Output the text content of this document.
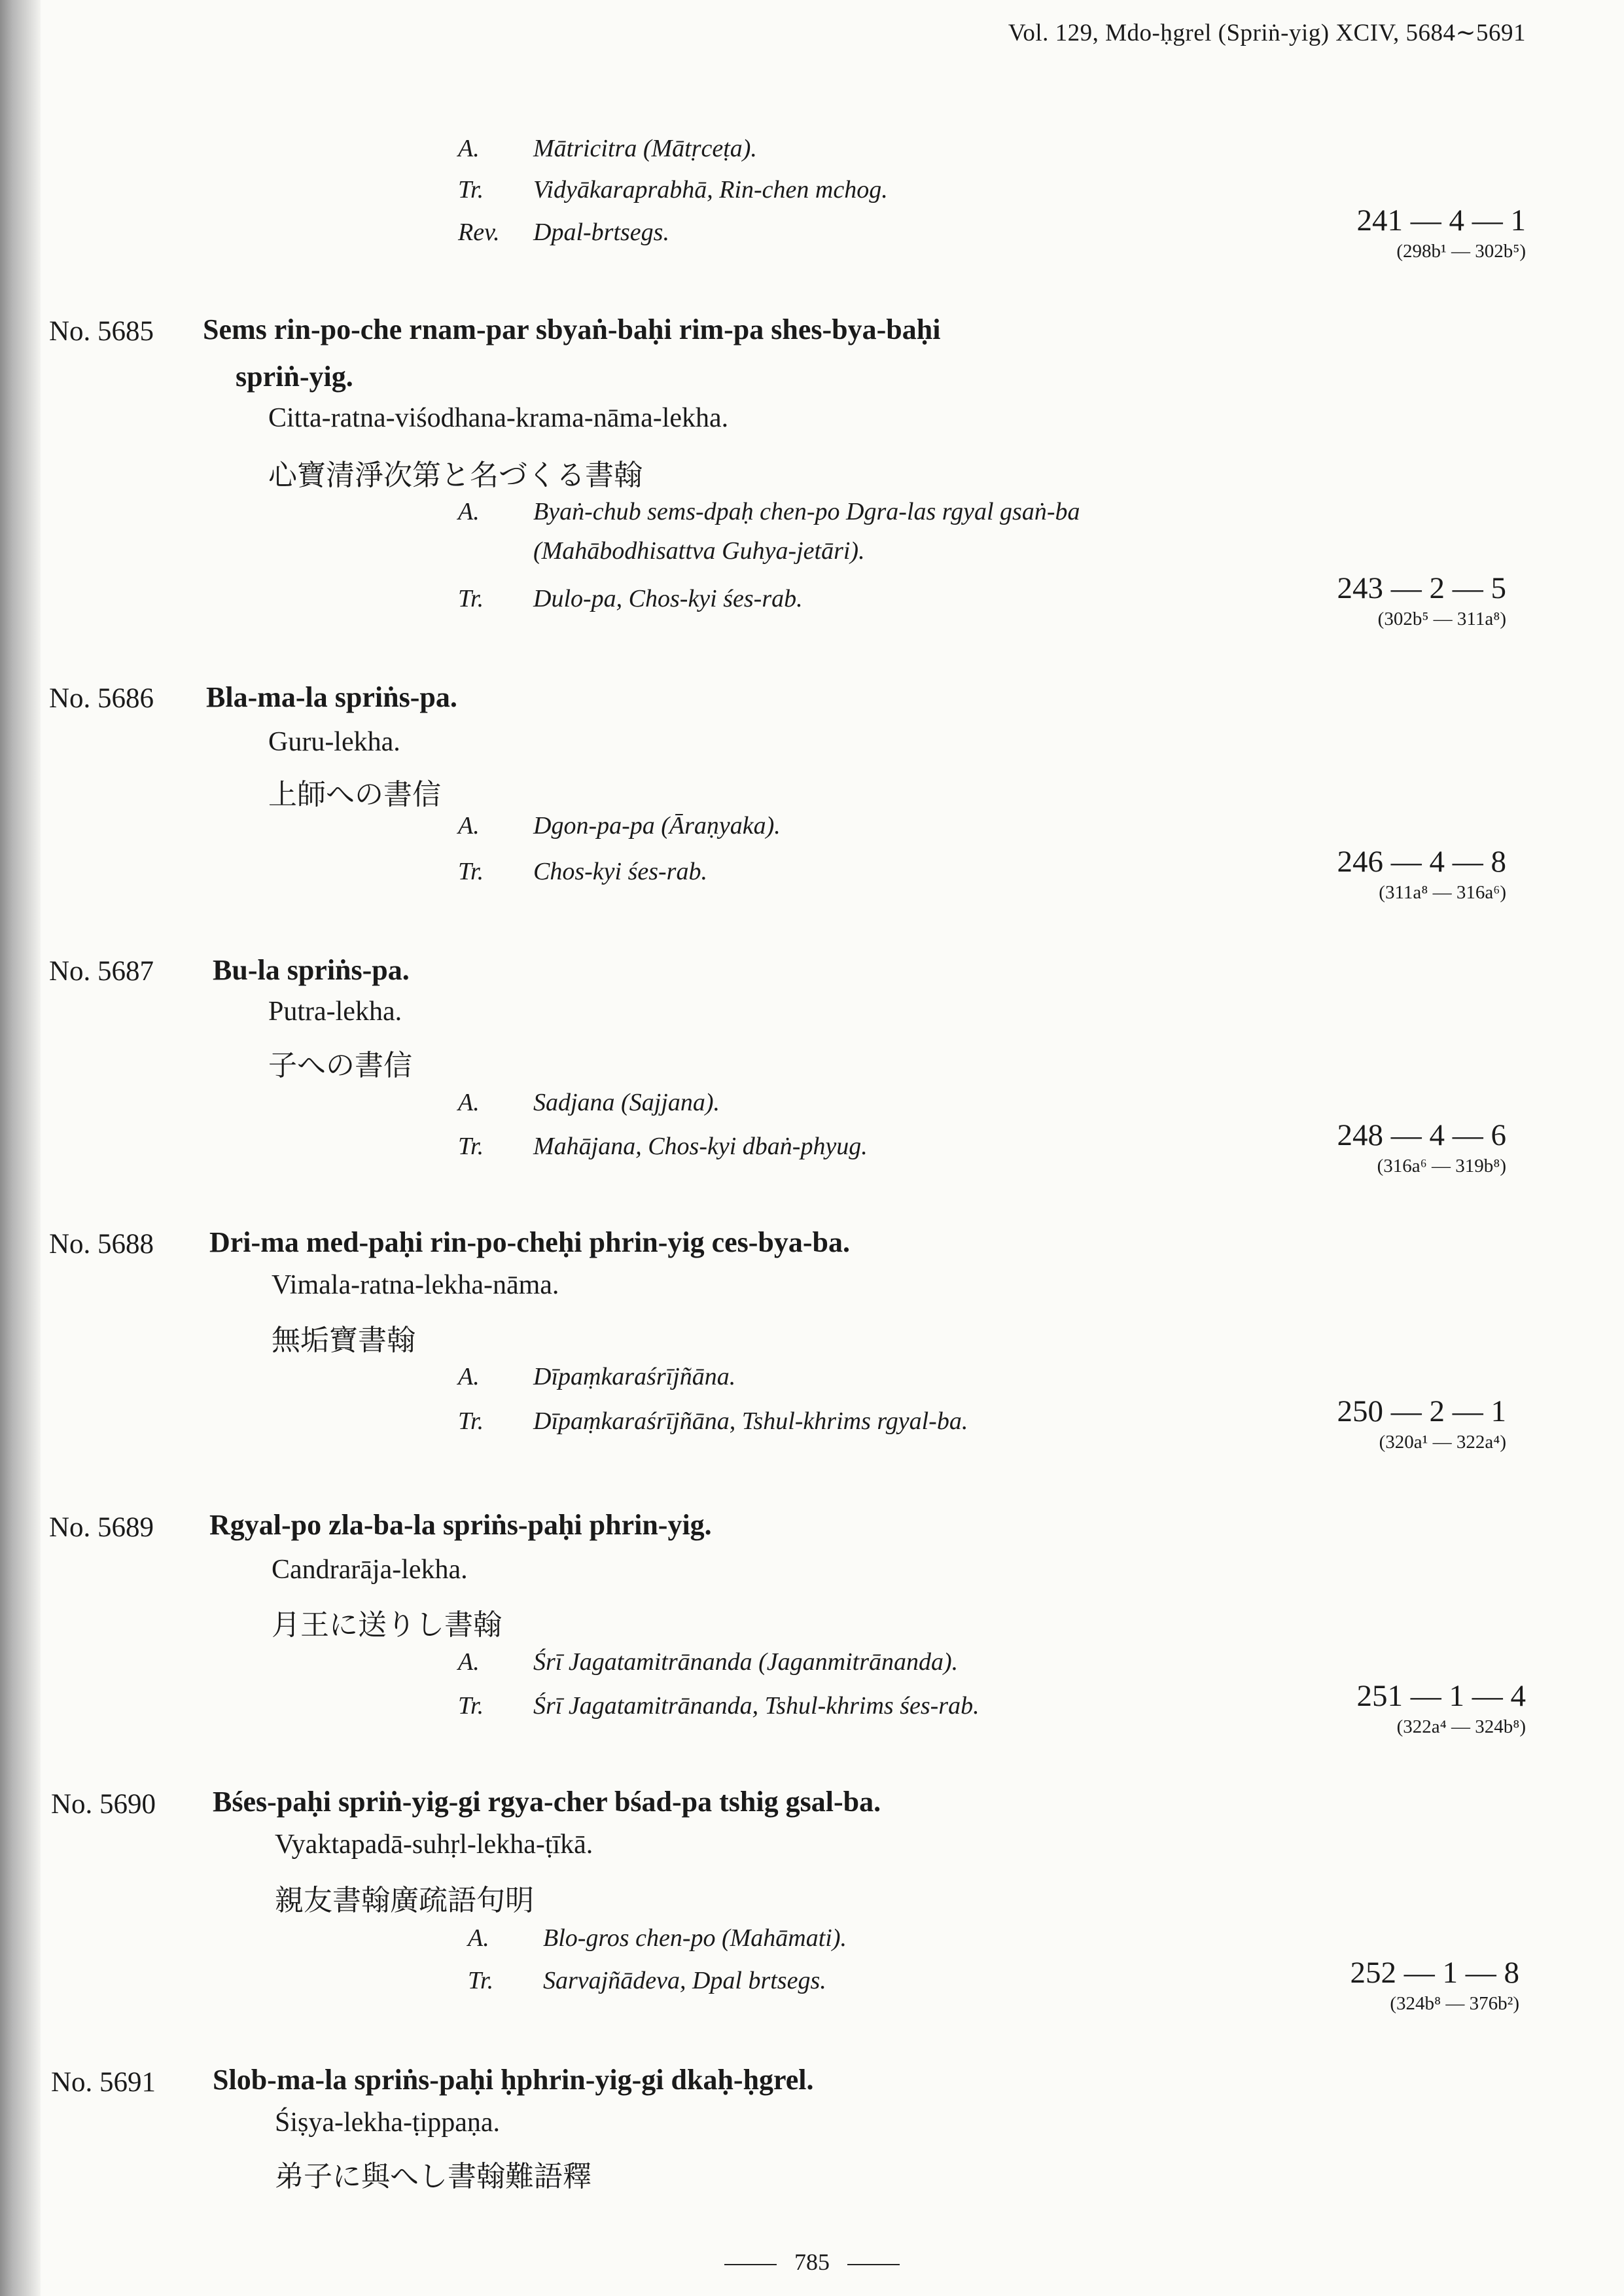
Vol. 129, Mdo-ḥgrel (Spriṅ-yig) XCIV, 5684∼5691
A. Mātricitra (Mātṛceṭa).
Tr. Vidyākaraprabhā, Rin-chen mchog.
Rev. Dpal-brtsegs.	241 — 4 — 1
(298b¹ — 302b⁵)
No. 5685 Sems rin-po-che rnam-par sbyaṅ-baḥi rim-pa shes-bya-baḥi
spriṅ-yig.
Citta-ratna-viśodhana-krama-nāma-lekha.
心寶清淨次第と名づくる書翰
A. Byaṅ-chub sems-dpaḥ chen-po Dgra-las rgyal gsaṅ-ba
(Mahābodhisattva Guhya-jetāri).
Tr. Dulo-pa, Chos-kyi śes-rab.	243 — 2 — 5
(302b⁵ — 311a⁸)
No. 5686 Bla-ma-la spriṅs-pa.
Guru-lekha.
上師への書信
A. Dgon-pa-pa (Āraṇyaka).
Tr. Chos-kyi śes-rab.	246 — 4 — 8
(311a⁸ — 316a⁶)
No. 5687 Bu-la spriṅs-pa.
Putra-lekha.
子への書信
A. Sadjana (Sajjana).
Tr. Mahājana, Chos-kyi dbaṅ-phyug.	248 — 4 — 6
(316a⁶ — 319b⁸)
No. 5688 Dri-ma med-paḥi rin-po-cheḥi phrin-yig ces-bya-ba.
Vimala-ratna-lekha-nāma.
無垢寶書翰
A. Dīpaṃkaraśrījñāna.
Tr. Dīpaṃkaraśrījñāna, Tshul-khrims rgyal-ba.	250 — 2 — 1
(320a¹ — 322a⁴)
No. 5689 Rgyal-po zla-ba-la spriṅs-paḥi phrin-yig.
Candrarāja-lekha.
月王に送りし書翰
A. Śrī Jagatamitrānanda (Jaganmitrānanda).
Tr. Śrī Jagatamitrānanda, Tshul-khrims śes-rab.	251 — 1 — 4
(322a⁴ — 324b⁸)
No. 5690 Bśes-paḥi spriṅ-yig-gi rgya-cher bśad-pa tshig gsal-ba.
Vyaktapadā-suhṛl-lekha-ṭīkā.
親友書翰廣疏語句明
A. Blo-gros chen-po (Mahāmati).
Tr. Sarvajñādeva, Dpal brtsegs.	252 — 1 — 8
(324b⁸ — 376b²)
No. 5691 Slob-ma-la spriṅs-paḥi ḥphrin-yig-gi dkaḥ-ḥgrel.
Śiṣya-lekha-ṭippaṇa.
弟子に與へし書翰難語釋
785
